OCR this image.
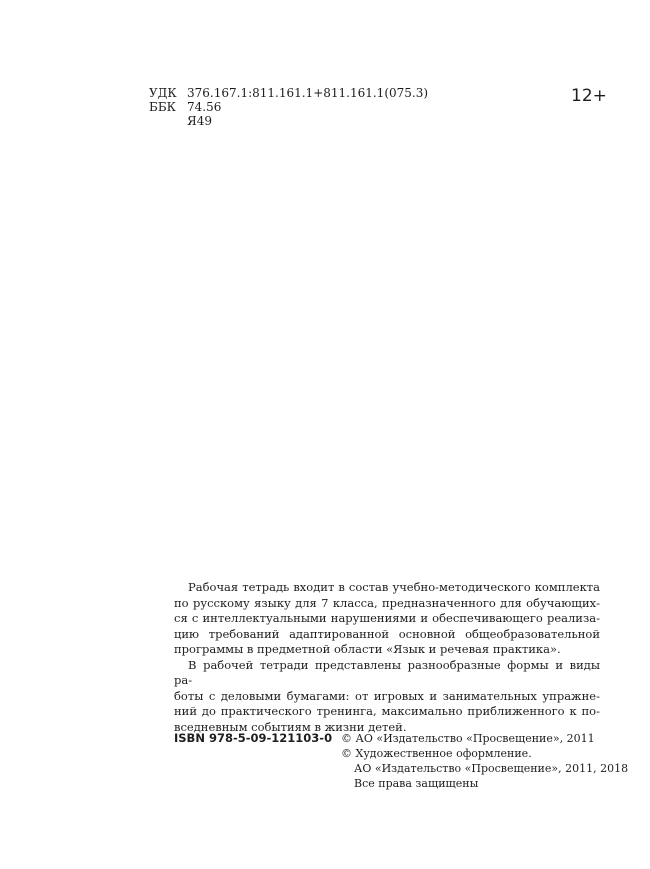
УДК 376.167.1:811.161.1+811.161.1(075.3)
ББК 74.56
Я49
12+

Рабочая тетрадь входит в состав учебно-методического комплекта
по русскому языку для 7 класса, предназначенного для обучающих-
ся с интеллектуальными нарушениями и обеспечивающего реализа-
цию требований адаптированной основной общеобразовательной
программы в предметной области «Язык и речевая практика».

В рабочей тетради представлены разнообразные формы и виды ра-
боты с деловыми бумагами: от игровых и занимательных упражне-
ний до практического тренинга, максимально приближенного к по-
вседневным событиям в жизни детей.

ISBN 978-5-09-121103-0 © АО «Издательство «Просвещение», 2011
© Художественное оформление.
АО «Издательство «Просвещение», 2011, 2018
Все права защищены
